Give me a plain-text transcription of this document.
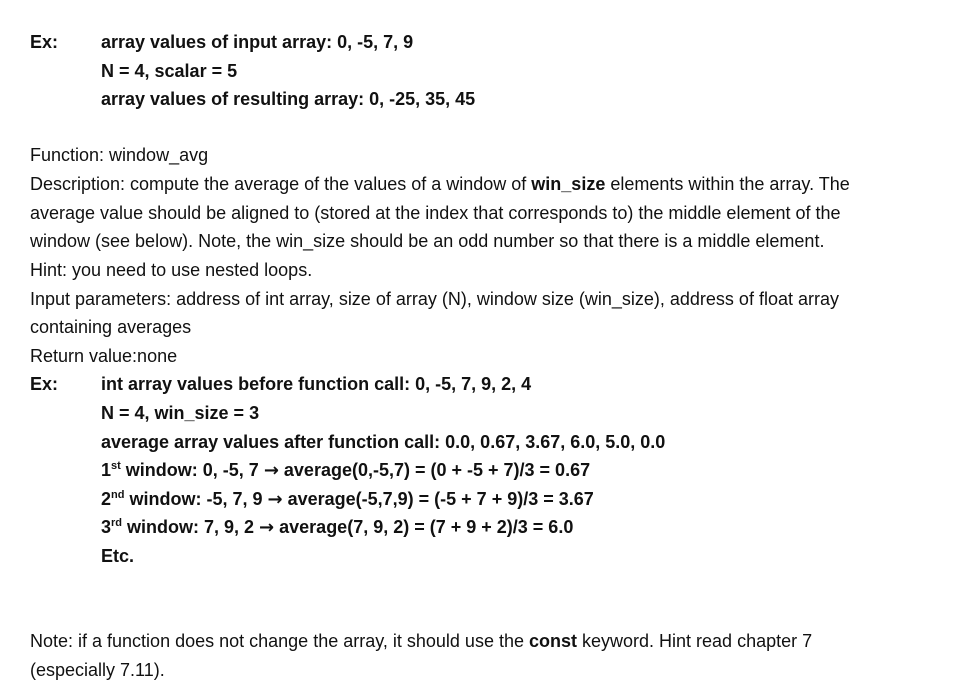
Ex: array values of input array: 0, -5, 7, 9
N = 4, scalar = 5
array values of resulting array: 0, -25, 35, 45
Function: window_avg
Description: compute the average of the values of a window of win_size elements within the array. The
average value should be aligned to (stored at the index that corresponds to) the middle element of the
window (see below). Note, the win_size should be an odd number so that there is a middle element.
Hint: you need to use nested loops.
Input parameters: address of int array, size of array (N), window size (win_size), address of float array
containing averages
Return value:none
Ex: int array values before function call: 0, -5, 7, 9, 2, 4
N = 4, win_size = 3
average array values after function call: 0.0, 0.67, 3.67, 6.0, 5.0, 0.0
1st window: 0, -5, 7 → average(0,-5,7) = (0 + -5 + 7)/3 = 0.67
2nd window: -5, 7, 9 → average(-5,7,9) = (-5 + 7 + 9)/3 = 3.67
3rd window: 7, 9, 2 → average(7, 9, 2) = (7 + 9 + 2)/3 = 6.0
Etc.
Note: if a function does not change the array, it should use the const keyword. Hint read chapter 7
(especially 7.11).
